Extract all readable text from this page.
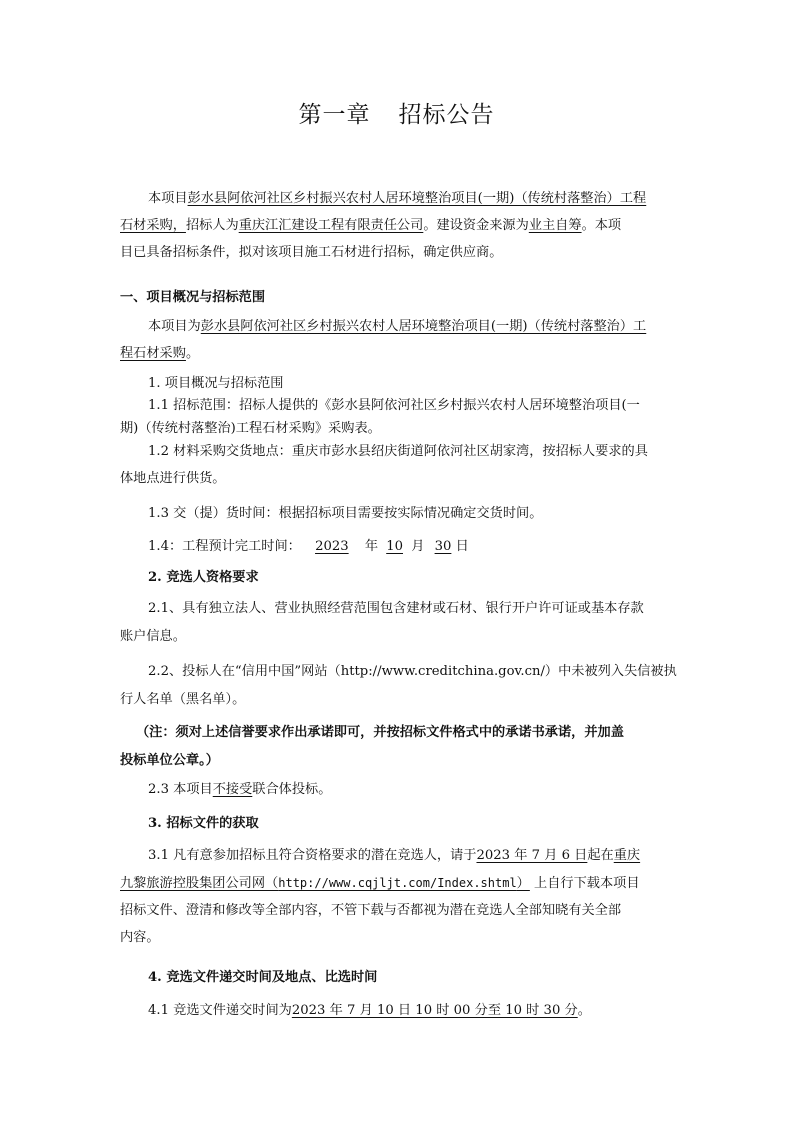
第一章 招标公告
本项目彭水县阿依河社区乡村振兴农村人居环境整治项目(一期)（传统村落整治）工程
石材采购，招标人为重庆江汇建设工程有限责任公司。建设资金来源为业主自筹。本项
目已具备招标条件，拟对该项目施工石材进行招标，确定供应商。
一、项目概况与招标范围
本项目为彭水县阿依河社区乡村振兴农村人居环境整治项目(一期)（传统村落整治）工
程石材采购。
1. 项目概况与招标范围
1.1 招标范围：招标人提供的《彭水县阿依河社区乡村振兴农村人居环境整治项目(一
期)（传统村落整治)工程石材采购》采购表。
1.2 材料采购交货地点：重庆市彭水县绍庆街道阿依河社区胡家湾，按招标人要求的具
体地点进行供货。
1.3 交（提）货时间：根据招标项目需要按实际情况确定交货时间。
1.4：工程预计完工时间： 2023 年 10 月 30 日
2. 竞选人资格要求
2.1、具有独立法人、营业执照经营范围包含建材或石材、银行开户许可证或基本存款
账户信息。
2.2、投标人在“信用中国”网站（http://www.creditchina.gov.cn/）中未被列入失信被执
行人名单（黑名单）。
（注：须对上述信誉要求作出承诺即可，并按招标文件格式中的承诺书承诺，并加盖
投标单位公章。）
2.3 本项目不接受联合体投标。
3. 招标文件的获取
3.1 凡有意参加招标且符合资格要求的潜在竞选人，请于2023 年 7 月 6 日起在重庆
九黎旅游控股集团公司网（http://www.cqjljt.com/Index.shtml） 上自行下载本项目
招标文件、澄清和修改等全部内容，不管下载与否都视为潜在竞选人全部知晓有关全部
内容。
4. 竞选文件递交时间及地点、比选时间
4.1 竞选文件递交时间为2023 年 7 月 10 日 10 时 00 分至 10 时 30 分。
